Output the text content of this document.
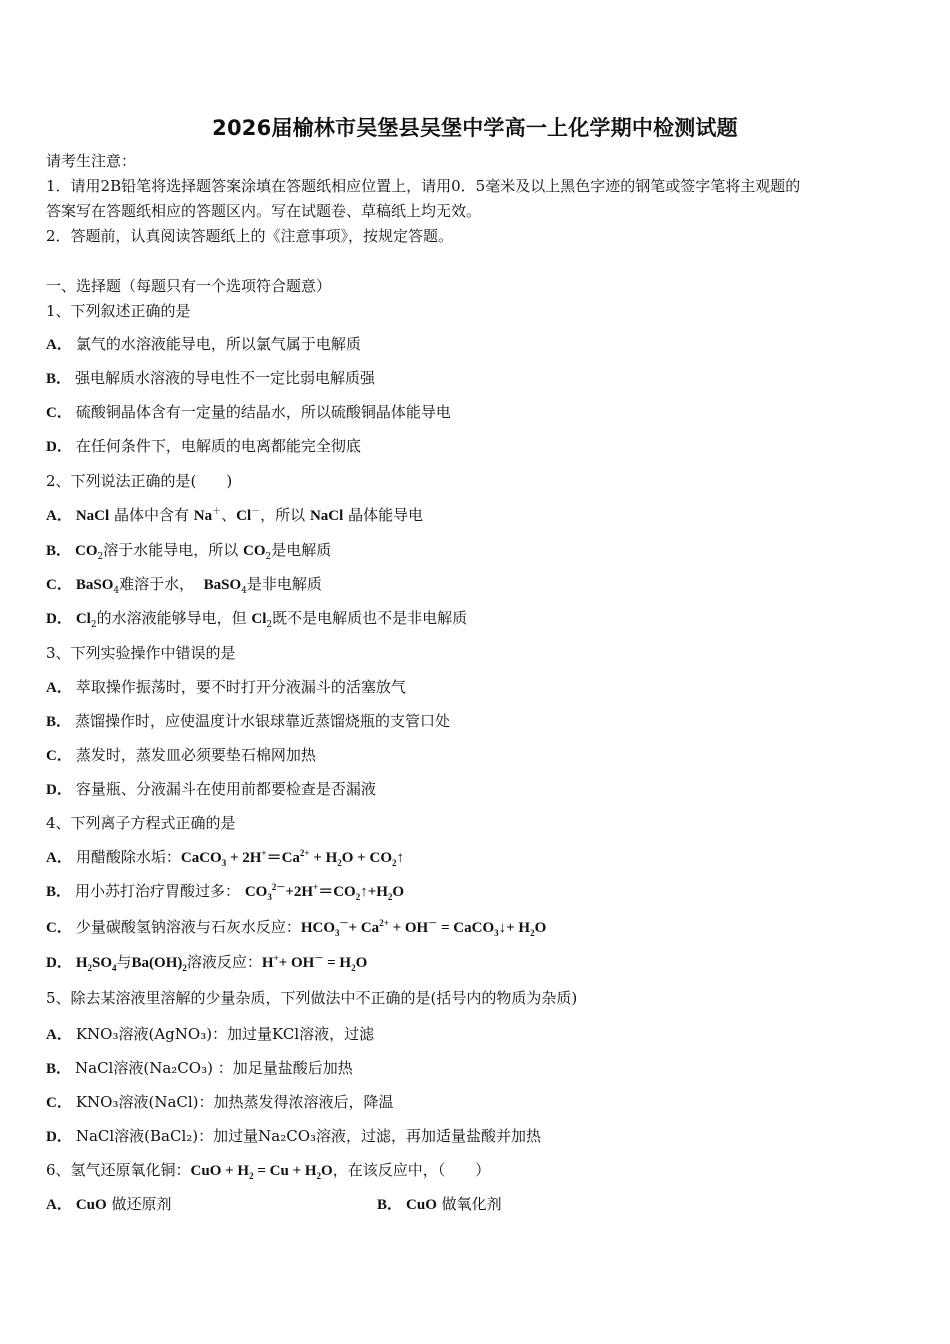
2026届榆林市吴堡县吴堡中学高一上化学期中检测试题
请考生注意：
1．请用2B铅笔将选择题答案涂填在答题纸相应位置上，请用0．5毫米及以上黑色字迹的钢笔或签字笔将主观题的
答案写在答题纸相应的答题区内。写在试题卷、草稿纸上均无效。
2．答题前，认真阅读答题纸上的《注意事项》，按规定答题。
一、选择题（每题只有一个选项符合题意）
1、下列叙述正确的是
A． 氯气的水溶液能导电，所以氯气属于电解质
B． 强电解质水溶液的导电性不一定比弱电解质强
C． 硫酸铜晶体含有一定量的结晶水，所以硫酸铜晶体能导电
D． 在任何条件下，电解质的电离都能完全彻底
2、下列说法正确的是(　　)
A． NaCl 晶体中含有 Na＋、Cl－，所以 NaCl 晶体能导电
B． $CO_2$溶于水能导电，所以 $CO_2$是电解质
C． BaSO$_4$难溶于水， BaSO$_4$是非电解质
D． $Cl_2$的水溶液能够导电，但 $Cl_2$既不是电解质也不是非电解质
3、下列实验操作中错误的是
A． 萃取操作振荡时，要不时打开分液漏斗的活塞放气
B． 蒸馏操作时，应使温度计水银球靠近蒸馏烧瓶的支管口处
C． 蒸发时，蒸发皿必须要垫石棉网加热
D． 容量瓶、分液漏斗在使用前都要检查是否漏液
4、下列离子方程式正确的是
A． 用醋酸除水垢：CaCO$_3$ + $2H^+=Ca^{2+} + H_2O$ + $CO_2↑$
B． 用小苏打治疗胃酸过多： $CO_3^{2-}+2H^+=CO_2↑+H_2O$
C． 少量碳酸氢钠溶液与石灰水反应：$HCO_3^-+ Ca^{2+} + OH^-$ = CaCO$_3$↓+ $H_2O$
D． $H_2SO_4$与$Ba(OH)_2$溶液反应：$H^++ OH^- = H_2O$
5、除去某溶液里溶解的少量杂质，下列做法中不正确的是(括号内的物质为杂质)
A． KNO₃溶液(AgNO₃)：加过量KCl溶液，过滤
B． NaCl溶液(Na₂CO₃) ：加足量盐酸后加热
C． KNO₃溶液(NaCl)：加热蒸发得浓溶液后，降温
D． NaCl溶液(BaCl₂)：加过量Na₂CO₃溶液，过滤，再加适量盐酸并加热
6、氢气还原氧化铜：CuO + $H_2 = Cu + H_2O$，在该反应中，（　　）
A． CuO 做还原剂	B． CuO 做氧化剂
